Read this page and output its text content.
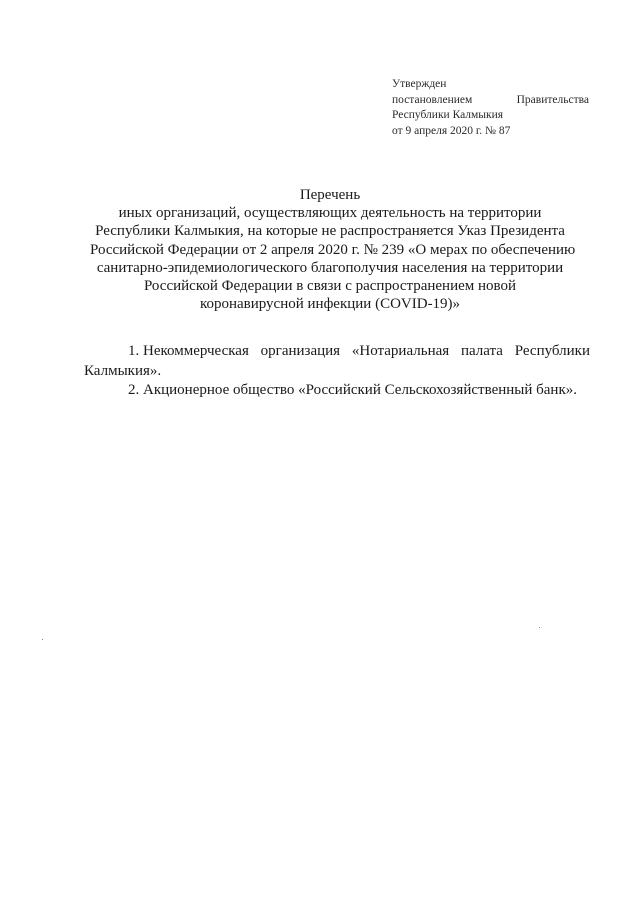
Утвержден
постановлением	Правительства
Республики Калмыкия
от 9 апреля 2020 г. № 87
Перечень
иных организаций, осуществляющих деятельность на территории
Республики Калмыкия, на которые не распространяется Указ Президента
Российской Федерации от 2 апреля 2020 г. № 239 «О мерах по обеспечению
санитарно-эпидемиологического благополучия населения на территории
Российской Федерации в связи с распространением новой
коронавирусной инфекции (COVID-19)»
1. Некоммерческая организация «Нотариальная палата Республики
Калмыкия».
2. Акционерное общество «Российский Сельскохозяйственный банк».
